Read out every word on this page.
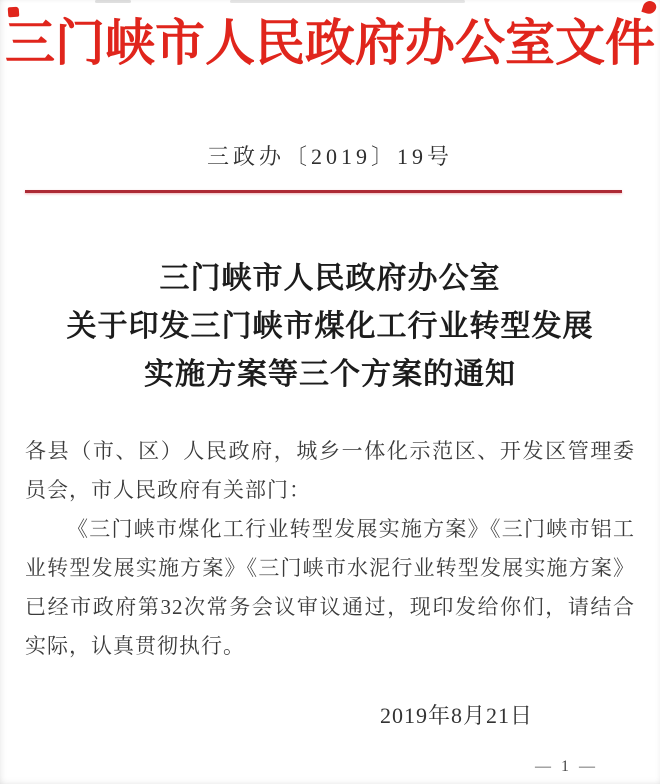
三门峡市人民政府办公室文件
三政办〔2019〕19号
三门峡市人民政府办公室
关于印发三门峡市煤化工行业转型发展
实施方案等三个方案的通知

各县（市、区）人民政府，城乡一体化示范区、开发区管理委员会，市人民政府有关部门：

《三门峡市煤化工行业转型发展实施方案》《三门峡市铝工业转型发展实施方案》《三门峡市水泥行业转型发展实施方案》已经市政府第32次常务会议审议通过，现印发给你们，请结合实际，认真贯彻执行。

2019年8月21日
— 1 —
